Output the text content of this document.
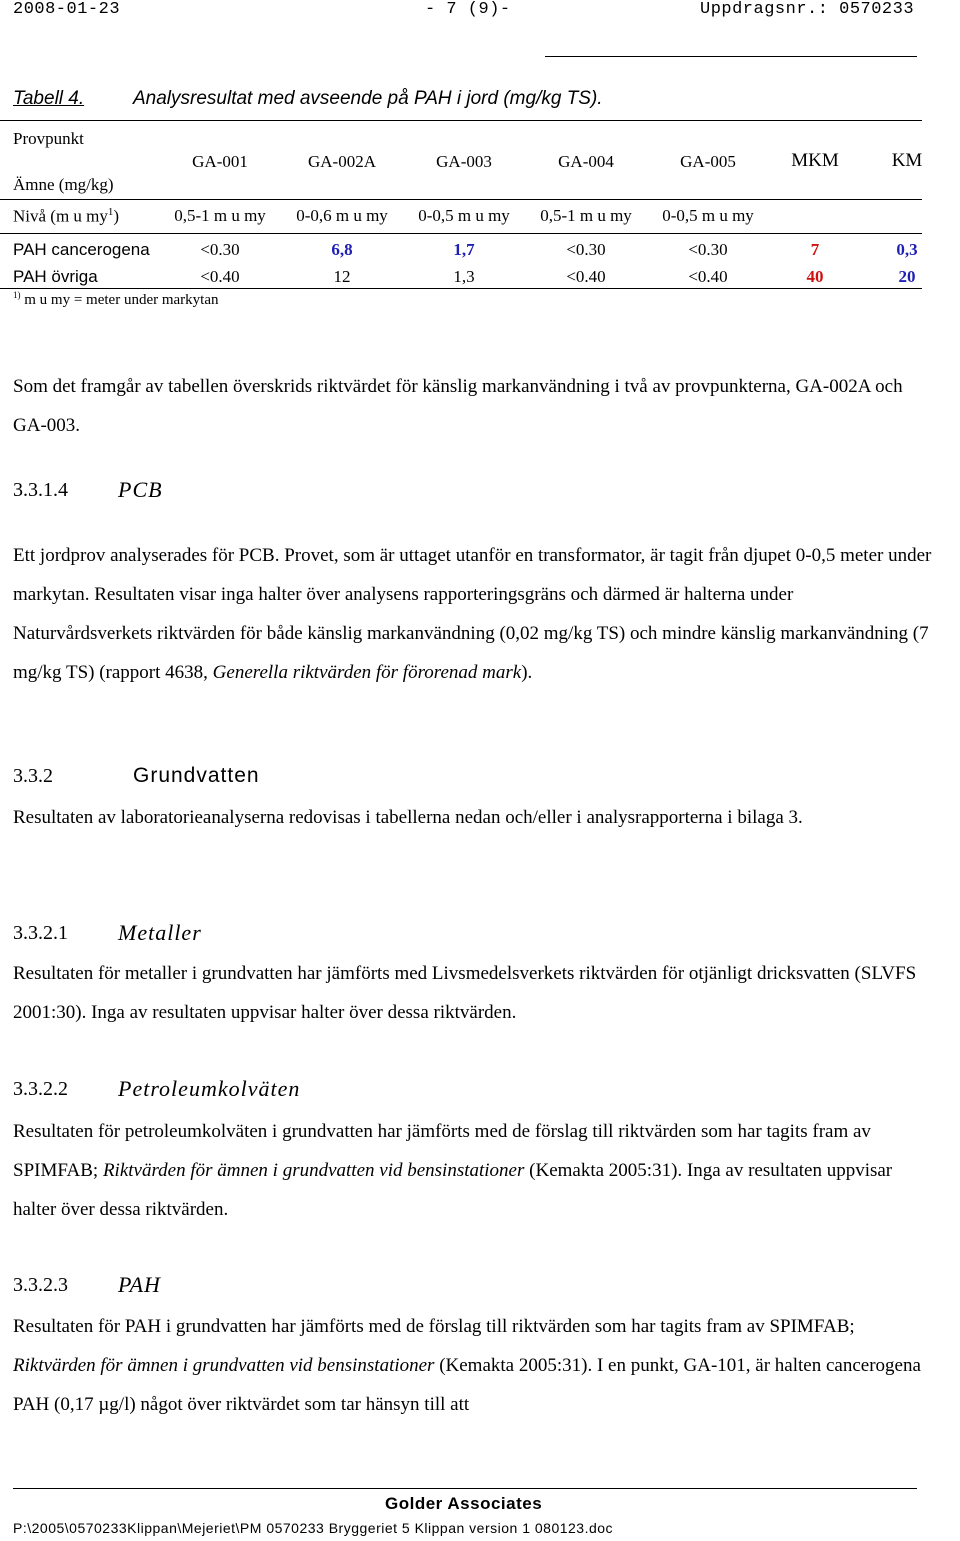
2008-01-23	- 7 (9)-	Uppdragsnr.: 0570233
Tabell 4.	Analysresultat med avseende på PAH i jord (mg/kg TS).
Provpunkt
Ämne (mg/kg)
GA-001	GA-002A	GA-003	GA-004	GA-005	MKM	KM
Nivå (m u $my^1$)	0,5-1 m u my	0-0,6 m u my	0-0,5 m u my	0,5-1 m u my	0-0,5 m u my
PAH cancerogena	<0.30	6,8	1,7	<0.30	<0.30	7	0,3
PAH övriga	<0.40	12	1,3	<0.40	<0.40	40	20
$^{1)}$ m u my = meter under markytan
Som det framgår av tabellen överskrids riktvärdet för känslig markanvändning i två av provpunkterna, GA-002A och GA-003.
3.3.1.4 PCB
Ett jordprov analyserades för PCB. Provet, som är uttaget utanför en transformator, är tagit från djupet 0-0,5 meter under markytan. Resultaten visar inga halter över analysens rapporteringsgräns och därmed är halterna under Naturvårdsverkets riktvärden för både känslig markanvändning (0,02 mg/kg TS) och mindre känslig markanvändning (7 mg/kg TS) (rapport 4638, Generella riktvärden för förorenad mark).
3.3.2	Grundvatten
Resultaten av laboratorieanalyserna redovisas i tabellerna nedan och/eller i analysrapporterna i bilaga 3.
3.3.2.1 Metaller
Resultaten för metaller i grundvatten har jämförts med Livsmedelsverkets riktvärden för otjänligt dricksvatten (SLVFS 2001:30). Inga av resultaten uppvisar halter över dessa riktvärden.
3.3.2.2 Petroleumkolväten
Resultaten för petroleumkolväten i grundvatten har jämförts med de förslag till riktvärden som har tagits fram av SPIMFAB; Riktvärden för ämnen i grundvatten vid bensinstationer (Kemakta 2005:31). Inga av resultaten uppvisar halter över dessa riktvärden.
3.3.2.3 PAH
Resultaten för PAH i grundvatten har jämförts med de förslag till riktvärden som har tagits fram av SPIMFAB; Riktvärden för ämnen i grundvatten vid bensinstationer (Kemakta 2005:31). I en punkt, GA-101, är halten cancerogena PAH (0,17 µg/l) något över riktvärdet som tar hänsyn till att
Golder Associates
P:\2005\0570233Klippan\Mejeriet\PM 0570233 Bryggeriet 5 Klippan version 1 080123.doc
